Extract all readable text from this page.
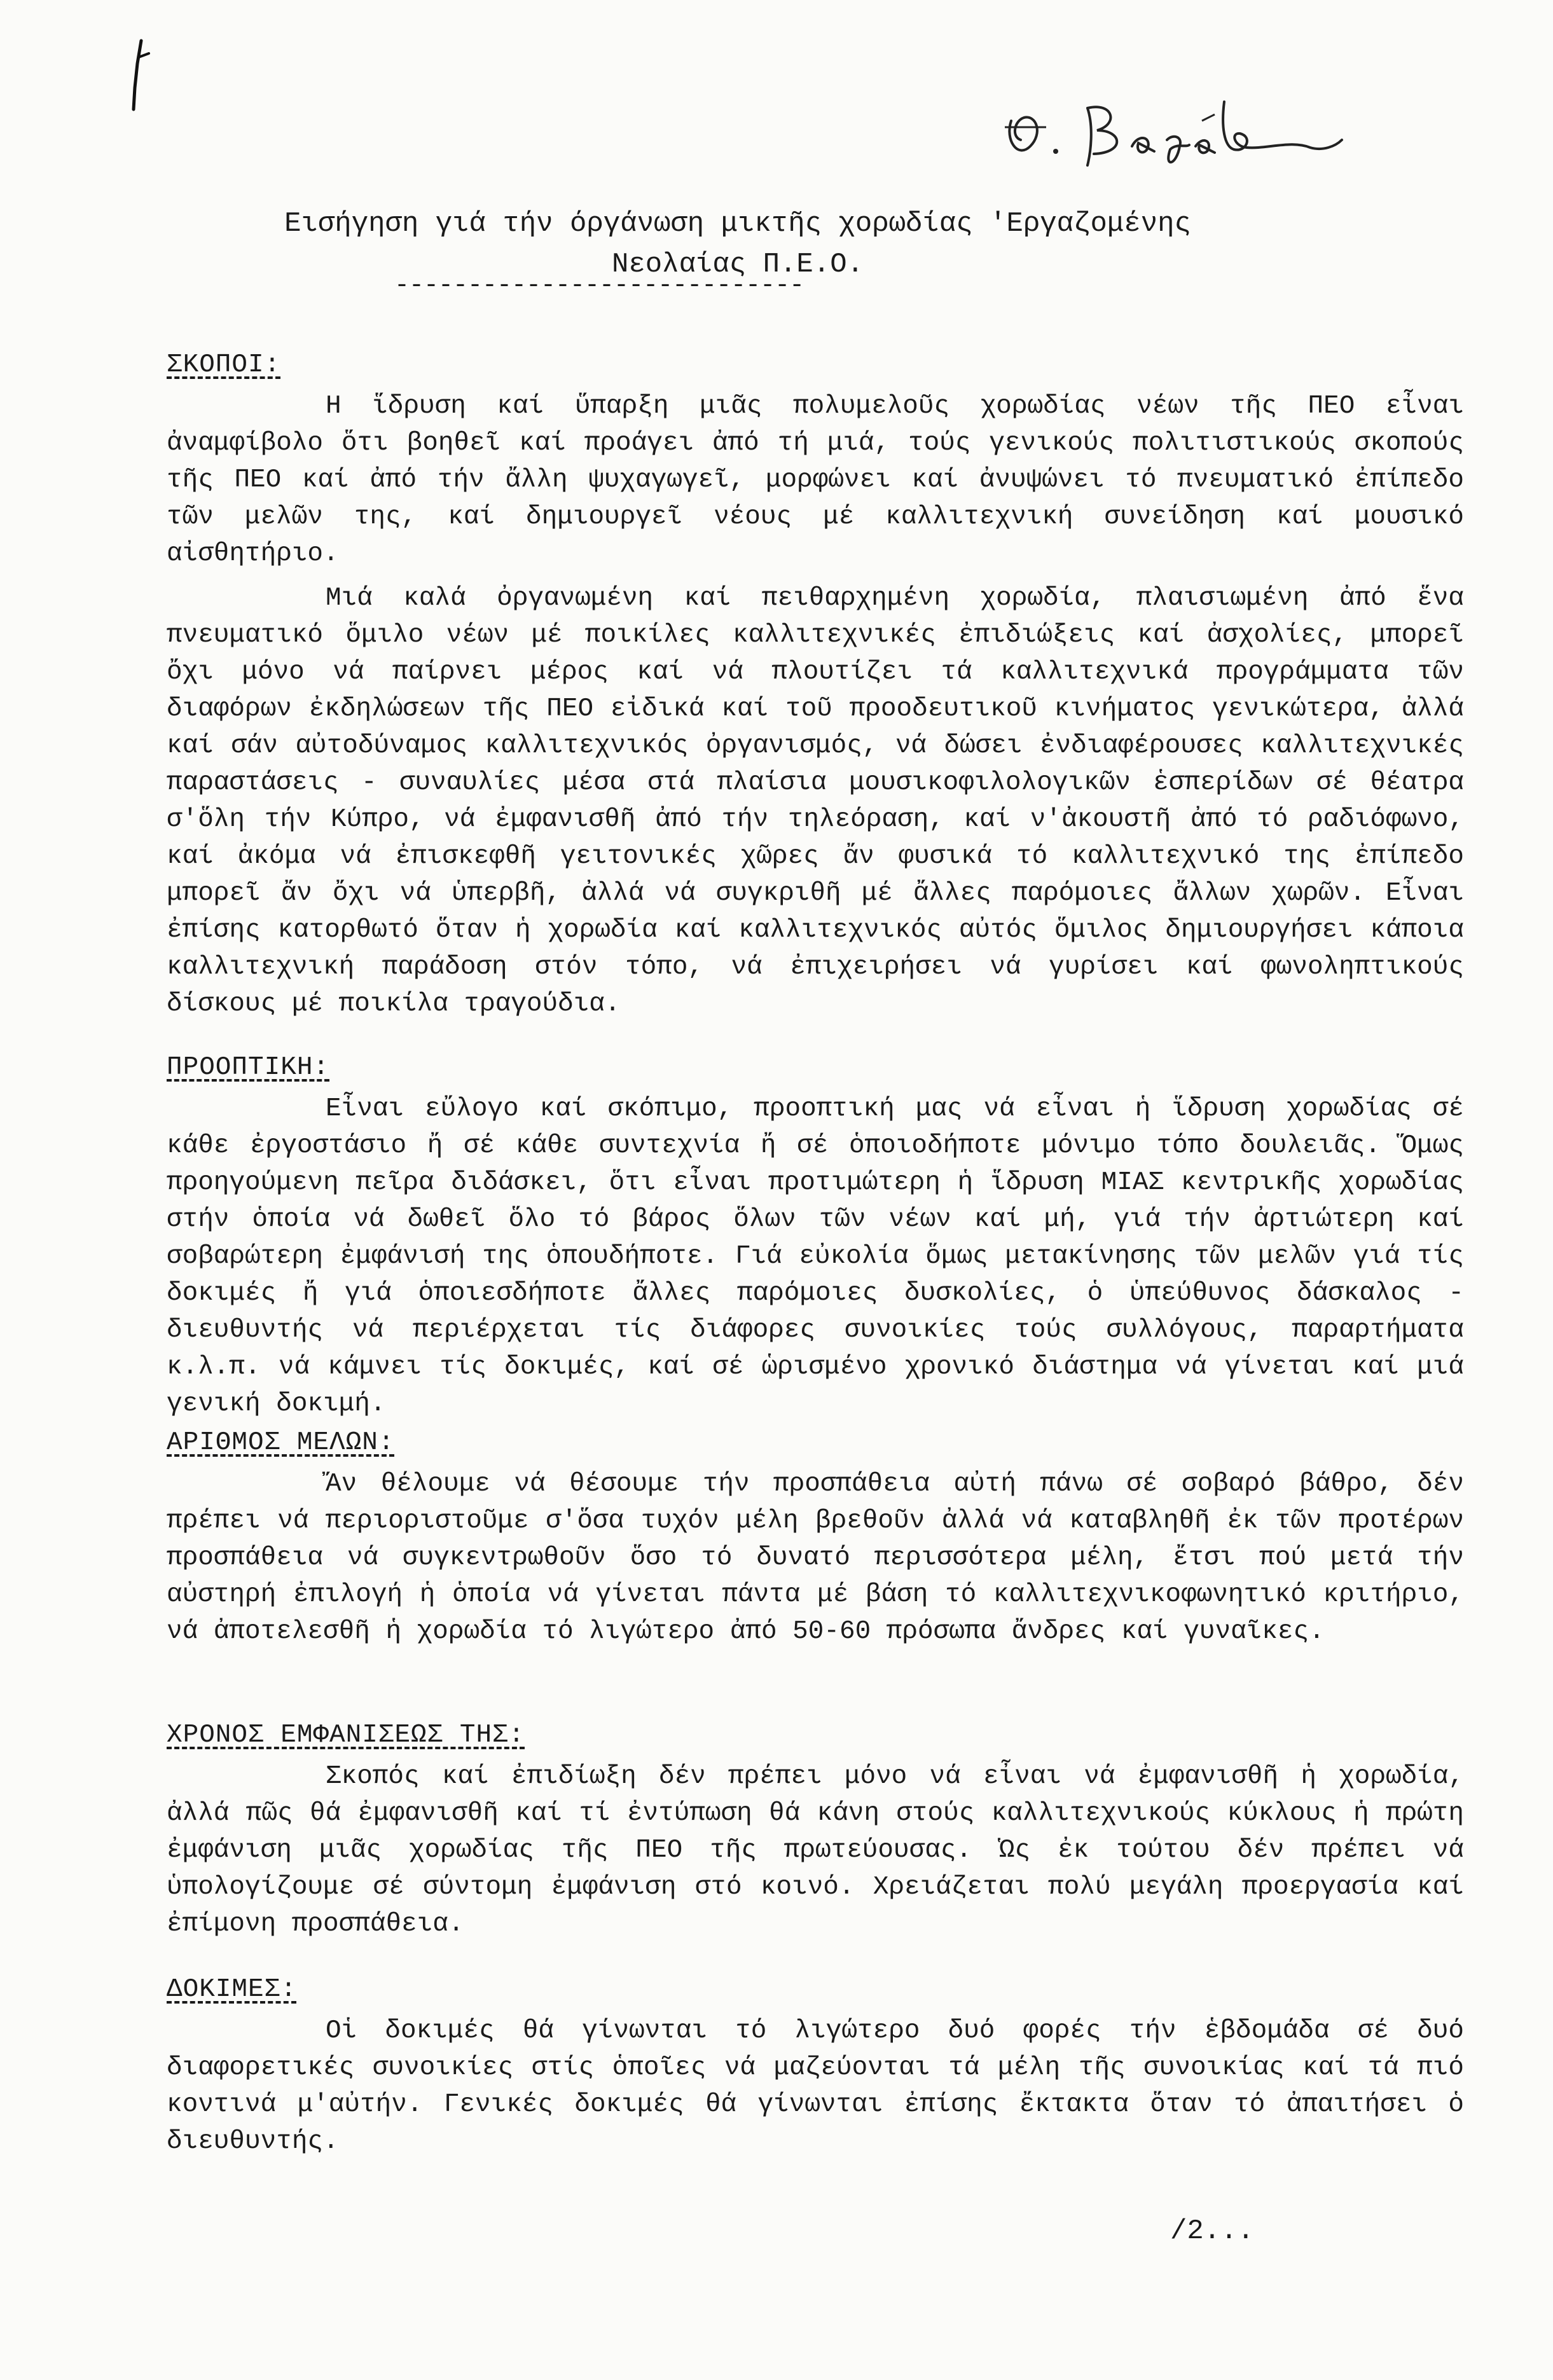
Εισήγηση γιά τήν όργάνωση μικτῆς χορωδίας 'Εργαζομένης
Νεολαίας Π.Ε.Ο.
----------------------------
ΣΚΟΠΟΙ:

Η ἵδρυση καί ὕπαρξη μιᾶς πολυμελοῦς χορωδίας νέων τῆς ΠΕΟ εἶναι ἀναμφίβολο ὅτι βοηθεῖ καί προάγει ἀπό τή μιά, τούς γενικούς πολιτιστικούς σκοπούς τῆς ΠΕΟ καί ἀπό τήν ἄλλη ψυχαγωγεῖ, μορφώνει καί ἀνυψώνει τό πνευματικό ἐπίπεδο τῶν μελῶν της, καί δημιουργεῖ νέους μέ καλλιτεχνική συνείδηση καί μουσικό αἰσθητήριο.

Μιά καλά ὀργανωμένη καί πειθαρχημένη χορωδία, πλαισιωμένη ἀπό ἕνα πνευματικό ὅμιλο νέων μέ ποικίλες καλλιτεχνικές ἐπιδιώξεις καί ἀσχολίες, μπορεῖ ὄχι μόνο νά παίρνει μέρος καί νά πλουτίζει τά καλλιτεχνικά προγράμματα τῶν διαφόρων ἐκδηλώσεων τῆς ΠΕΟ εἰδικά καί τοῦ προοδευτικοῦ κινήματος γενικώτερα, ἀλλά καί σάν αὐτοδύναμος καλλιτεχνικός ὀργανισμός, νά δώσει ἐνδιαφέρουσες καλλιτεχνικές παραστάσεις - συναυλίες μέσα στά πλαίσια μουσικοφιλολογικῶν ἑσπερίδων σέ θέατρα σ'ὅλη τήν Κύπρο, νά ἐμφανισθῆ ἀπό τήν τηλεόραση, καί ν'ἀκουστῆ ἀπό τό ραδιόφωνο, καί ἀκόμα νά ἐπισκεφθῆ γειτονικές χῶρες ἄν φυσικά τό καλλιτεχνικό της ἐπίπεδο μπορεῖ ἄν ὄχι νά ὑπερβῆ, ἀλλά νά συγκριθῆ μέ ἄλλες παρόμοιες ἄλλων χωρῶν. Εἶναι ἐπίσης κατορθωτό ὅταν ἡ χορωδία καί καλλιτεχνικός αὐτός ὅμιλος δημιουργήσει κάποια καλλιτεχνική παράδοση στόν τόπο, νά ἐπιχειρήσει νά γυρίσει καί φωνοληπτικούς δίσκους μέ ποικίλα τραγούδια.

ΠΡΟΟΠΤΙΚΗ:

Εἶναι εὔλογο καί σκόπιμο, προοπτική μας νά εἶναι ἡ ἵδρυση χορωδίας σέ κάθε ἐργοστάσιο ἤ σέ κάθε συντεχνία ἤ σέ ὁποιοδήποτε μόνιμο τόπο δουλειᾶς. Ὅμως προηγούμενη πεῖρα διδάσκει, ὅτι εἶναι προτιμώτερη ἡ ἵδρυση ΜΙΑΣ κεντρικῆς χορωδίας στήν ὁποία νά δωθεῖ ὅλο τό βάρος ὅλων τῶν νέων καί μή, γιά τήν ἀρτιώτερη καί σοβαρώτερη ἐμφάνισή της ὁπουδήποτε. Γιά εὐκολία ὅμως μετακίνησης τῶν μελῶν γιά τίς δοκιμές ἤ γιά ὁποιεσδήποτε ἄλλες παρόμοιες δυσκολίες, ὁ ὑπεύθυνος δάσκαλος - διευθυντής νά περιέρχεται τίς διάφορες συνοικίες τούς συλλόγους, παραρτήματα κ.λ.π. νά κάμνει τίς δοκιμές, καί σέ ὡρισμένο χρονικό διάστημα νά γίνεται καί μιά γενική δοκιμή.

ΑΡΙΘΜΟΣ ΜΕΛΩΝ:

Ἄν θέλουμε νά θέσουμε τήν προσπάθεια αὐτή πάνω σέ σοβαρό βάθρο, δέν πρέπει νά περιοριστοῦμε σ'ὅσα τυχόν μέλη βρεθοῦν ἀλλά νά καταβληθῆ ἐκ τῶν προτέρων προσπάθεια νά συγκεντρωθοῦν ὅσο τό δυνατό περισσότερα μέλη, ἔτσι πού μετά τήν αὐστηρή ἐπιλογή ἡ ὁποία νά γίνεται πάντα μέ βάση τό καλλιτεχνικοφωνητικό κριτήριο, νά ἀποτελεσθῆ ἡ χορωδία τό λιγώτερο ἀπό 50-60 πρόσωπα ἄνδρες καί γυναῖκες.

ΧΡΟΝΟΣ ΕΜΦΑΝΙΣΕΩΣ ΤΗΣ:

Σκοπός καί ἐπιδίωξη δέν πρέπει μόνο νά εἶναι νά ἐμφανισθῆ ἡ χορωδία, ἀλλά πῶς θά ἐμφανισθῆ καί τί ἐντύπωση θά κάνη στούς καλλιτεχνικούς κύκλους ἡ πρώτη ἐμφάνιση μιᾶς χορωδίας τῆς ΠΕΟ τῆς πρωτεύουσας. Ὡς ἐκ τούτου δέν πρέπει νά ὑπολογίζουμε σέ σύντομη ἐμφάνιση στό κοινό. Χρειάζεται πολύ μεγάλη προεργασία καί ἐπίμονη προσπάθεια.

ΔΟΚΙΜΕΣ:

Οἱ δοκιμές θά γίνωνται τό λιγώτερο δυό φορές τήν ἑβδομάδα σέ δυό διαφορετικές συνοικίες στίς ὁποῖες νά μαζεύονται τά μέλη τῆς συνοικίας καί τά πιό κοντινά μ'αὐτήν. Γενικές δοκιμές θά γίνωνται ἐπίσης ἔκτακτα ὅταν τό ἀπαιτήσει ὁ διευθυντής.

/2...
